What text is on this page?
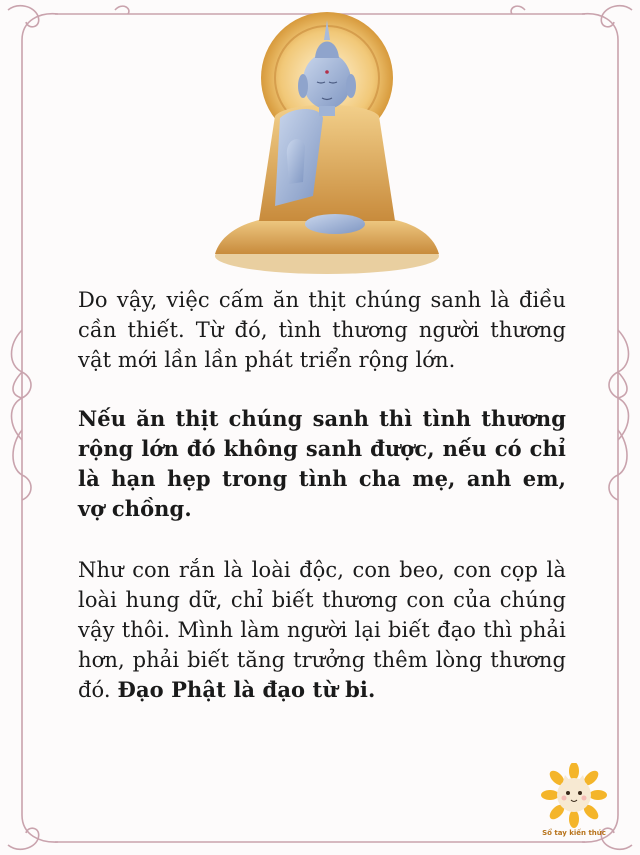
Do vậy, việc cấm ăn thịt chúng sanh là điều cần thiết. Từ đó, tình thương người thương vật mới lần lần phát triển rộng lớn.
Nếu ăn thịt chúng sanh thì tình thương rộng lớn đó không sanh được, nếu có chỉ là hạn hẹp trong tình cha mẹ, anh em, vợ chồng.
Như con rắn là loài độc, con beo, con cọp là loài hung dữ, chỉ biết thương con của chúng vậy thôi. Mình làm người lại biết đạo thì phải hơn, phải biết tăng trưởng thêm lòng thương đó. Đạo Phật là đạo từ bi.
Sổ tay kiến thức
